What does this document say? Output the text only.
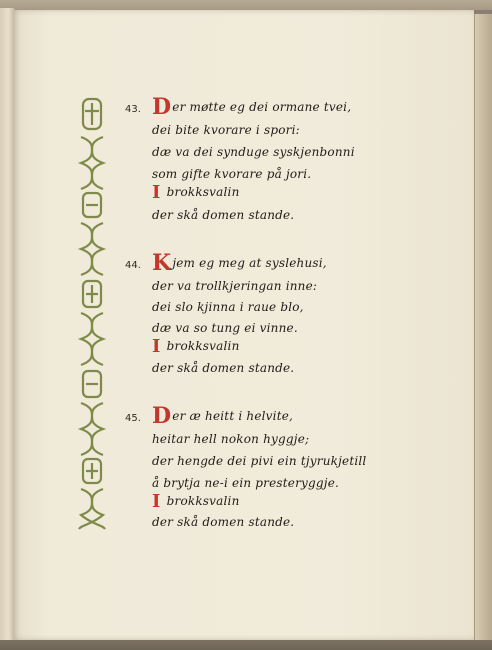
43. Der møtte eg dei ormane tvei,
dei bite kvorare i spori:
dæ va dei synduge syskjenbonni
som gifte kvorare på jori.
Ibrokksvalin
der skå domen stande.
44. Kjem eg meg at syslehusi,
der va trollkjeringan inne:
dei slo kjinna i raue blo,
dæ va so tung ei vinne.
Ibrokksvalin
der skå domen stande.
45. Der æ heitt i helvite,
heitar hell nokon hyggje;
der hengde dei pivi ein tjyrukjetill
å brytja ne-i ein presteryggje.
Ibrokksvalin
der skå domen stande.
